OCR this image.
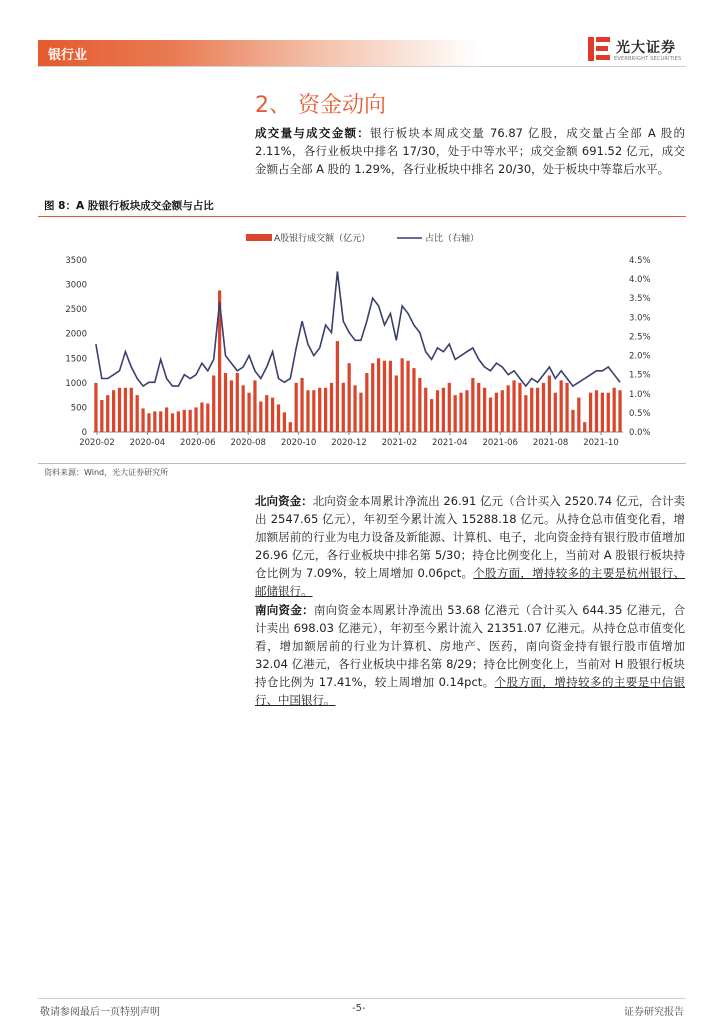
银行业	光大证券
EVERBRIGHT SECURITIES
2、 资金动向
成交量与成交金额：银行板块本周成交量 76.87 亿股，成交量占全部 A 股的 2.11%，各行业板块中排名 17/30，处于中等水平；成交金额 691.52 亿元，成交金额占全部 A 股的 1.29%，各行业板块中排名 20/30，处于板块中等靠后水平。
图 8：A 股银行板块成交金额与占比
0
500
1000
1500
2000
2500
3000
3500
0.0%
0.5%
1.0%
1.5%
2.0%
2.5%
3.0%
3.5%
4.0%
4.5%
2020-02 2020-04 2020-06 2020-08 2020-10 2020-12 2021-02 2021-04 2021-06 2021-08 2021-10
A股银行成交额（亿元）	占比（右轴）
资料来源：Wind，光大证券研究所
北向资金：北向资金本周累计净流出 26.91 亿元（合计买入 2520.74 亿元，合计卖出 2547.65 亿元），年初至今累计流入 15288.18 亿元。从持仓总市值变化看，增加额居前的行业为电力设备及新能源、计算机、电子，北向资金持有银行股市值增加 26.96 亿元，各行业板块中排名第 5/30；持仓比例变化上，当前对 A 股银行板块持仓比例为 7.09%，较上周增加 0.06pct。个股方面，增持较多的主要是杭州银行、邮储银行。
南向资金：南向资金本周累计净流出 53.68 亿港元（合计买入 644.35 亿港元，合计卖出 698.03 亿港元），年初至今累计流入 21351.07 亿港元。从持仓总市值变化看，增加额居前的行业为计算机、房地产、医药，南向资金持有银行股市值增加 32.04 亿港元，各行业板块中排名第 8/29；持仓比例变化上，当前对 H 股银行板块持仓比例为 17.41%，较上周增加 0.14pct。个股方面，增持较多的主要是中信银行、中国银行。
敬请参阅最后一页特别声明	-5-	证券研究报告
